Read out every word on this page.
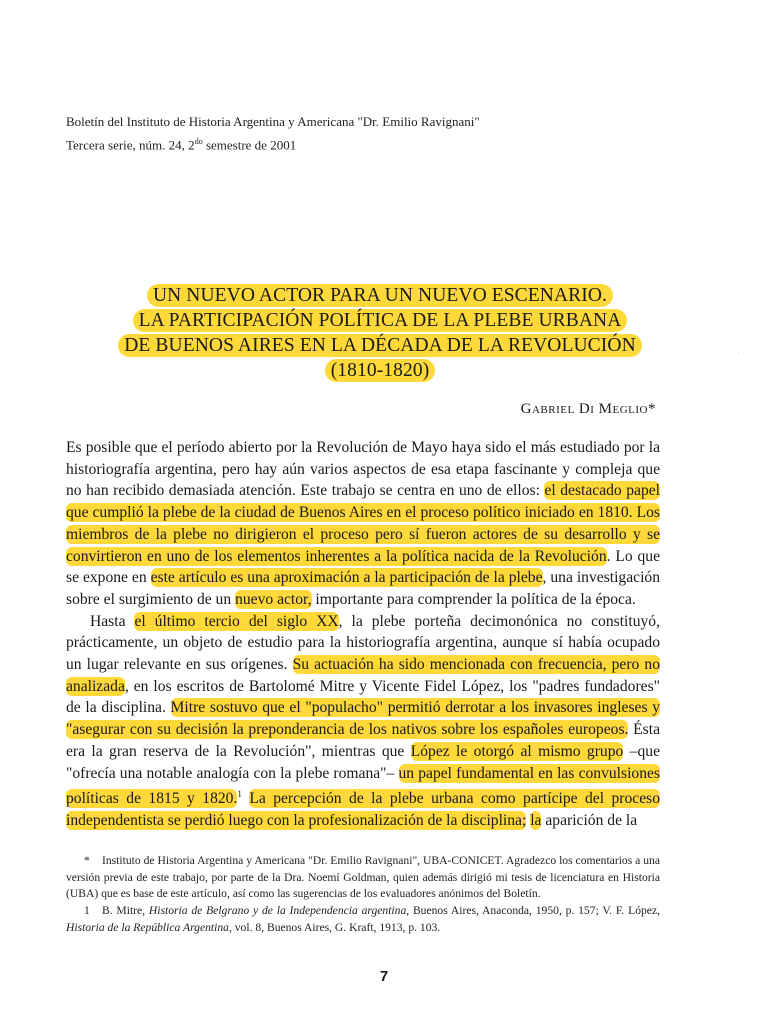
Boletín del Instituto de Historia Argentina y Americana "Dr. Emilio Ravignani"
Tercera serie, núm. 24, $2^{do}$ semestre de 2001
UN NUEVO ACTOR PARA UN NUEVO ESCENARIO.
LA PARTICIPACIÓN POLÍTICA DE LA PLEBE URBANA
DE BUENOS AIRES EN LA DÉCADA DE LA REVOLUCIÓN
(1810-1820)
Gabriel Di Meglio*

Es posible que el período abierto por la Revolución de Mayo haya sido el más estudiado por la historiografía argentina, pero hay aún varios aspectos de esa etapa fascinante y compleja que no han recibido demasiada atención. Este trabajo se centra en uno de ellos: el destacado papel que cumplió la plebe de la ciudad de Buenos Aires en el proceso político iniciado en 1810. Los miembros de la plebe no dirigieron el proceso pero sí fueron actores de su desarrollo y se convirtieron en uno de los elementos inherentes a la política nacida de la Revolución. Lo que se expone en este artículo es una aproximación a la participación de la plebe, una investigación sobre el surgimiento de un nuevo actor, importante para comprender la política de la época.

Hasta el último tercio del siglo XX, la plebe porteña decimonónica no constituyó, prácticamente, un objeto de estudio para la historiografía argentina, aunque sí había ocupado un lugar relevante en sus orígenes. Su actuación ha sido mencionada con frecuencia, pero no analizada, en los escritos de Bartolomé Mitre y Vicente Fidel López, los "padres fundadores" de la disciplina. Mitre sostuvo que el "populacho" permitió derrotar a los invasores ingleses y "asegurar con su decisión la preponderancia de los nativos sobre los españoles europeos. Ésta era la gran reserva de la Revolución", mientras que López le otorgó al mismo grupo –que "ofrecía una notable analogía con la plebe romana"– un papel fundamental en las convulsiones políticas de 1815 y 1820.$^1$ La percepción de la plebe urbana como partícipe del proceso independentista se perdió luego con la profesionalización de la disciplina; la aparición de la

* Instituto de Historia Argentina y Americana "Dr. Emilio Ravignani", UBA-CONICET. Agradezco los comentarios a una versión previa de este trabajo, por parte de la Dra. Noemí Goldman, quien además dirigió mi tesis de licenciatura en Historia (UBA) que es base de este artículo, así como las sugerencias de los evaluadores anónimos del Boletín.

1 B. Mitre, Historia de Belgrano y de la Independencia argentina, Buenos Aires, Anaconda, 1950, p. 157; V. F. López, Historia de la República Argentina, vol. 8, Buenos Aires, G. Kraft, 1913, p. 103.

7
·
